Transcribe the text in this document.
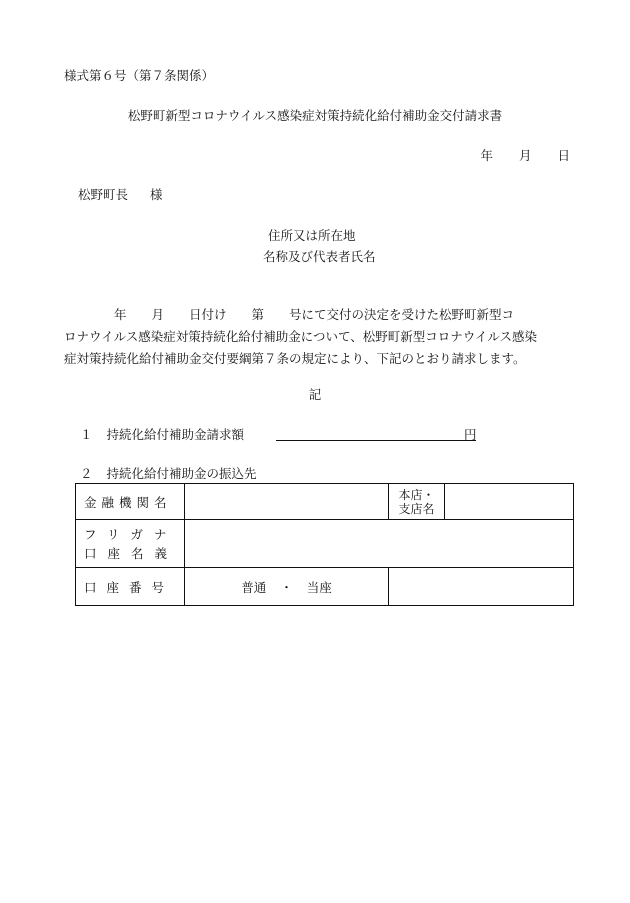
様式第６号（第７条関係）
松野町新型コロナウイルス感染症対策持続化給付補助金交付請求書
年 月 日
松野町長 様
住所又は所在地
名称及び代表者氏名

　　　　年　　月　　日付け　　第　　号にて交付の決定を受けた松野町新型コ

ロナウイルス感染症対策持続化給付補助金について、松野町新型コロナウイルス感染

症対策持続化給付補助金交付要綱第７条の規定により、下記のとおり請求します。

記
１ 持続化給付補助金請求額	円
２ 持続化給付補助金の振込先
金融機関名		本店・
支店名	

フリガナ
口座名義			

口座番号	普通 ・ 当座		
